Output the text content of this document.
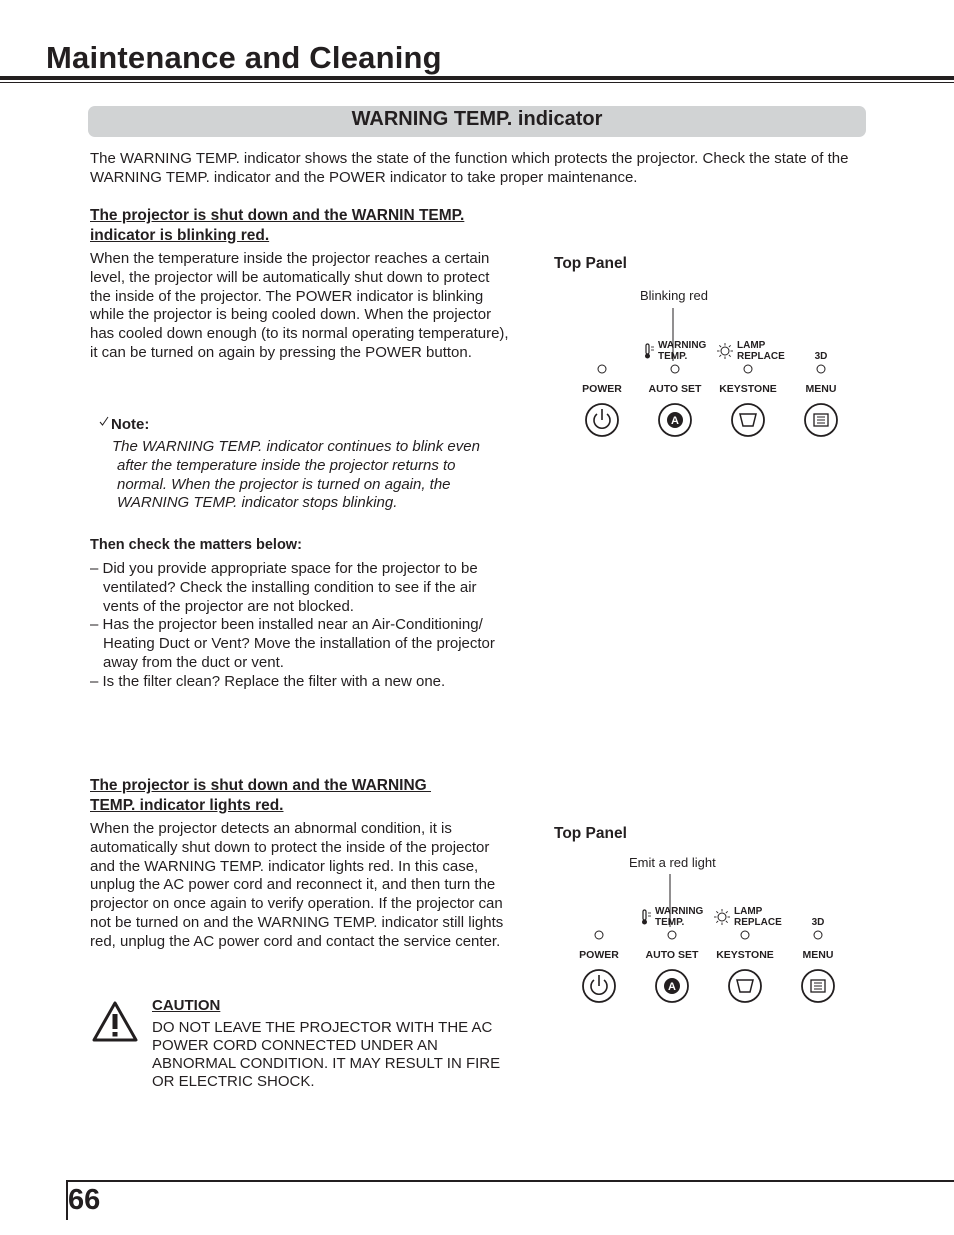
Maintenance and Cleaning
WARNING TEMP. indicator
The WARNING TEMP. indicator shows the state of the function which protects the projector. Check the state of the WARNING TEMP. indicator and the POWER indicator to take proper maintenance.
The projector is shut down and the WARNIN TEMP.
indicator is blinking red.
When the temperature inside the projector reaches a certain level, the projector will be automatically shut down to protect the inside of the projector. The POWER indicator is blinking while the projector is being cooled down. When the projector has cooled down enough (to its normal operating temperature), it can be turned on again by pressing the POWER button.
Note:
The WARNING TEMP. indicator continues to blink even
after the temperature inside the projector returns to
normal. When the projector is turned on again, the
WARNING TEMP. indicator stops blinking.
Then check the matters below:
– Did you provide appropriate space for the projector to be ventilated? Check the installing condition to see if the air vents of the projector are not blocked.
– Has the projector been installed near an Air-Conditioning/ Heating Duct or Vent? Move the installation of the projector away from the duct or vent.
– Is the filter clean? Replace the filter with a new one.
Top Panel
Blinking red
WARNING
TEMP.
LAMP
REPLACE	3D
POWER	AUTO SET KEYSTONE	MENU
A
The projector is shut down and the WARNING
TEMP. indicator lights red.
When the projector detects an abnormal condition, it is automatically shut down to protect the inside of the projector and the WARNING TEMP. indicator lights red. In this case, unplug the AC power cord and reconnect it, and then turn the projector on once again to verify operation. If the projector can not be turned on and the WARNING TEMP. indicator still lights red, unplug the AC power cord and contact the service center.
Top Panel
Emit a red light
WARNING
TEMP.
LAMP
REPLACE	3D
POWER	AUTO SET KEYSTONE	MENU
A
CAUTION
DO NOT LEAVE THE PROJECTOR WITH THE AC POWER CORD CONNECTED UNDER AN ABNORMAL CONDITION. IT MAY RESULT IN FIRE OR ELECTRIC SHOCK.
66
